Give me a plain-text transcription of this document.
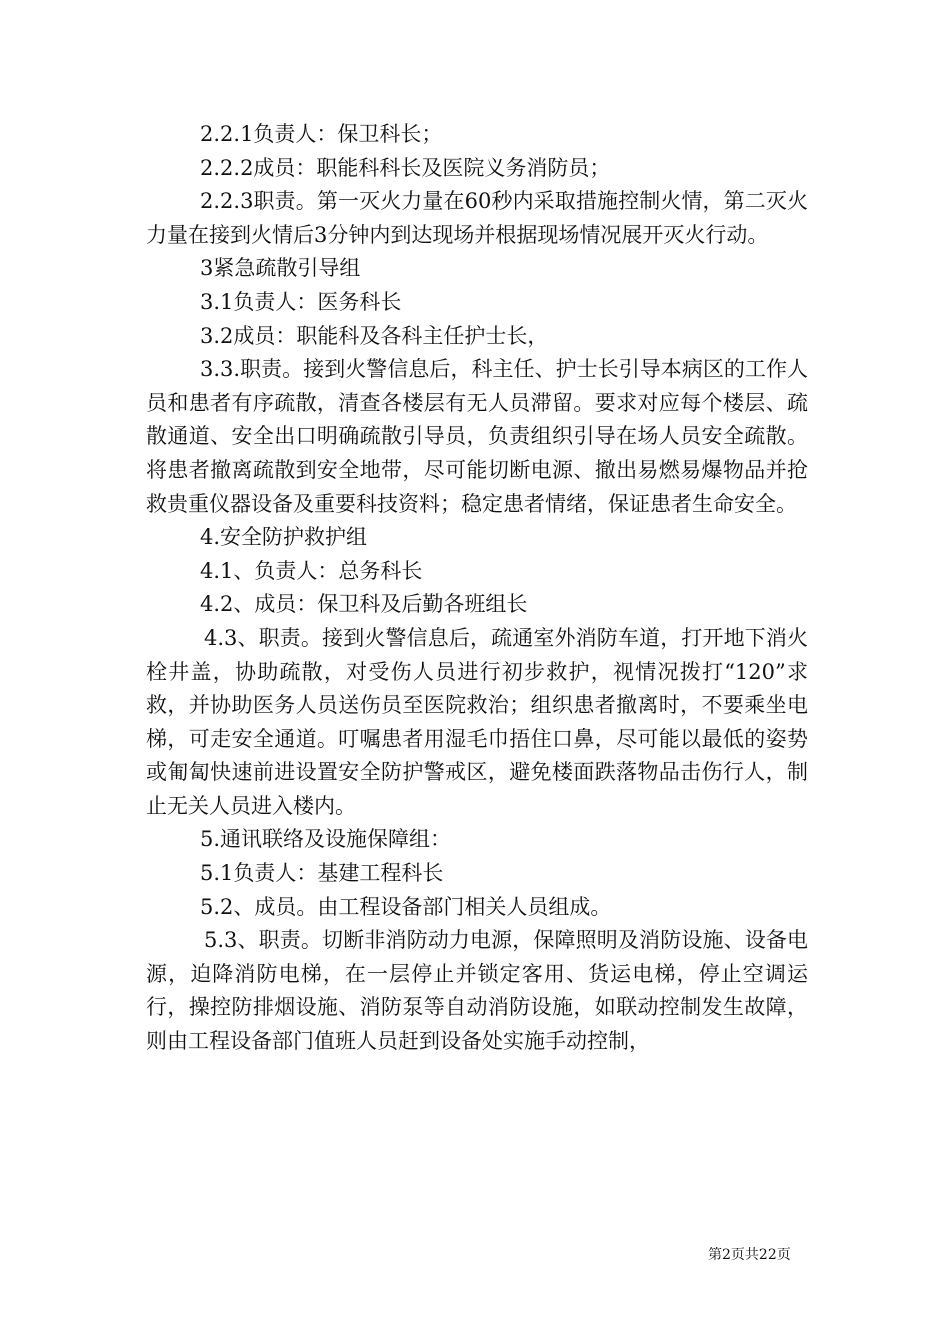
2.2.1负责人：保卫科长；

2.2.2成员：职能科科长及医院义务消防员；

2.2.3职责。第一灭火力量在60秒内采取措施控制火情，第二灭火力量在接到火情后3分钟内到达现场并根据现场情况展开灭火行动。

3紧急疏散引导组

3.1负责人：医务科长

3.2成员：职能科及各科主任护士长，

3.3.职责。接到火警信息后，科主任、护士长引导本病区的工作人员和患者有序疏散，清查各楼层有无人员滞留。要求对应每个楼层、疏散通道、安全出口明确疏散引导员，负责组织引导在场人员安全疏散。将患者撤离疏散到安全地带，尽可能切断电源、撤出易燃易爆物品并抢救贵重仪器设备及重要科技资料；稳定患者情绪，保证患者生命安全。

4.安全防护救护组

4.1、负责人：总务科长

4.2、成员：保卫科及后勤各班组长

4.3、职责。接到火警信息后，疏通室外消防车道，打开地下消火栓井盖，协助疏散，对受伤人员进行初步救护，视情况拨打“120”求救，并协助医务人员送伤员至医院救治；组织患者撤离时，不要乘坐电梯，可走安全通道。叮嘱患者用湿毛巾捂住口鼻，尽可能以最低的姿势或匍匐快速前进设置安全防护警戒区，避免楼面跌落物品击伤行人，制止无关人员进入楼内。

5.通讯联络及设施保障组：

5.1负责人：基建工程科长

5.2、成员。由工程设备部门相关人员组成。

5.3、职责。切断非消防动力电源，保障照明及消防设施、设备电源，迫降消防电梯，在一层停止并锁定客用、货运电梯，停止空调运行，操控防排烟设施、消防泵等自动消防设施，如联动控制发生故障，则由工程设备部门值班人员赶到设备处实施手动控制，

第2页共22页
